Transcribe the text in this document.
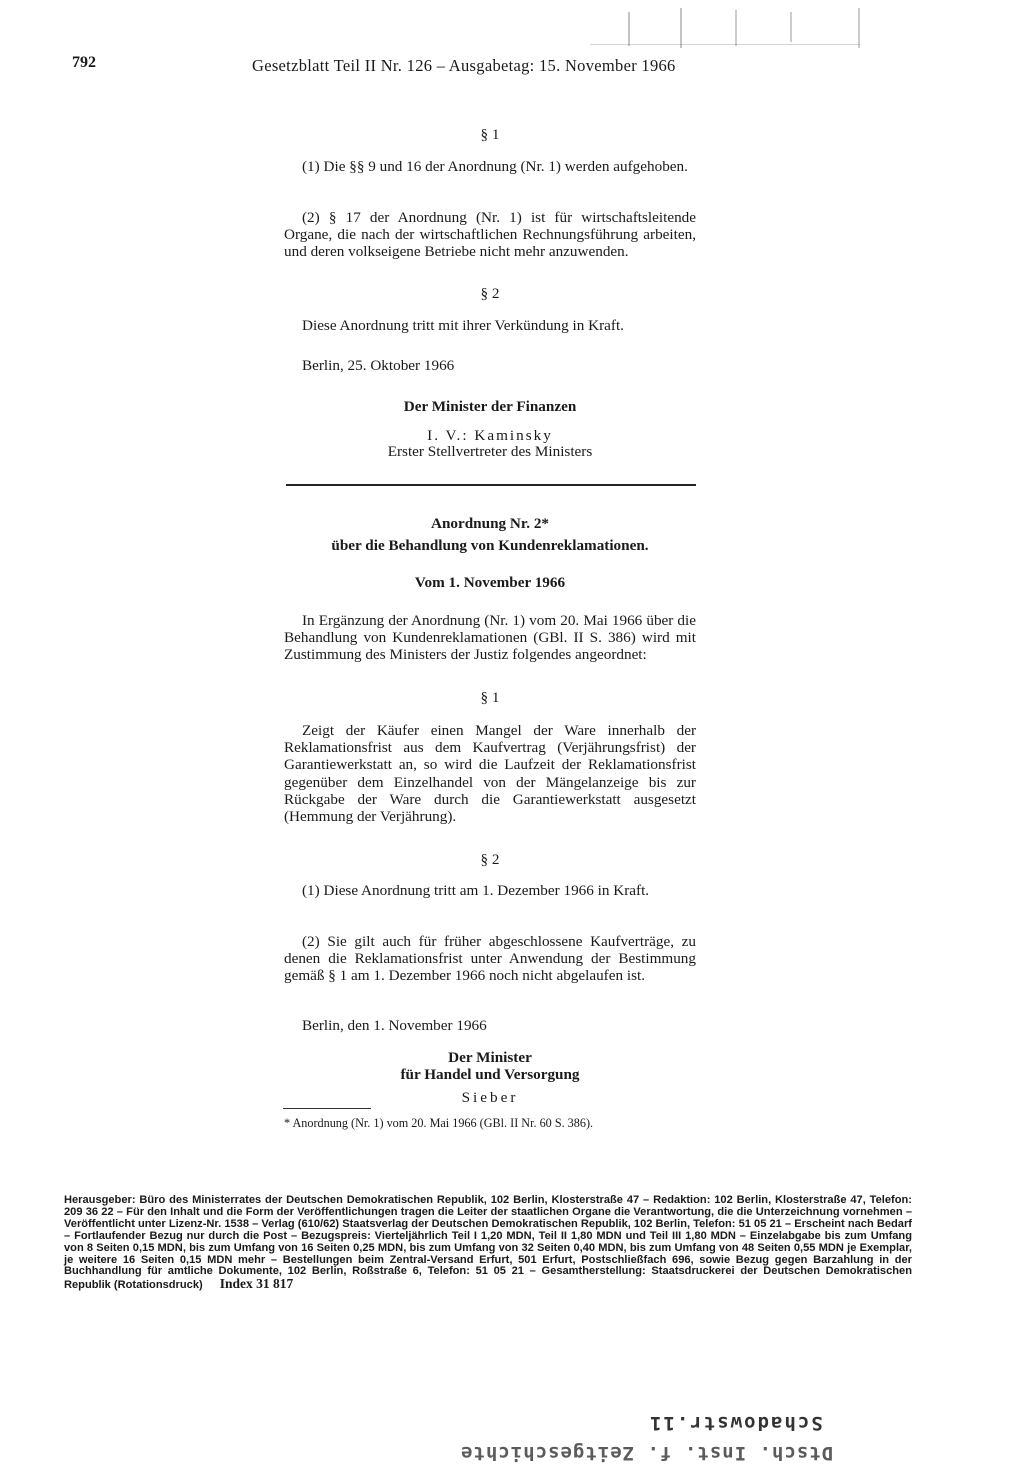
792	Gesetzblatt Teil II Nr. 126 – Ausgabetag: 15. November 1966
§ 1
(1) Die §§ 9 und 16 der Anordnung (Nr. 1) werden aufgehoben.
(2) § 17 der Anordnung (Nr. 1) ist für wirtschaftsleitende Organe, die nach der wirtschaftlichen Rechnungsführung arbeiten, und deren volkseigene Betriebe nicht mehr anzuwenden.
§ 2
Diese Anordnung tritt mit ihrer Verkündung in Kraft.
Berlin, 25. Oktober 1966
Der Minister der Finanzen
I. V.: Kaminsky
Erster Stellvertreter des Ministers
Anordnung Nr. 2*
über die Behandlung von Kundenreklamationen.
Vom 1. November 1966
In Ergänzung der Anordnung (Nr. 1) vom 20. Mai 1966 über die Behandlung von Kundenreklamationen (GBl. II S. 386) wird mit Zustimmung des Ministers der Justiz folgendes angeordnet:
§ 1
Zeigt der Käufer einen Mangel der Ware innerhalb der Reklamationsfrist aus dem Kaufvertrag (Verjährungsfrist) der Garantiewerkstatt an, so wird die Laufzeit der Reklamationsfrist gegenüber dem Einzelhandel von der Mängelanzeige bis zur Rückgabe der Ware durch die Garantiewerkstatt ausgesetzt (Hemmung der Verjährung).
§ 2
(1) Diese Anordnung tritt am 1. Dezember 1966 in Kraft.
(2) Sie gilt auch für früher abgeschlossene Kaufverträge, zu denen die Reklamationsfrist unter Anwendung der Bestimmung gemäß § 1 am 1. Dezember 1966 noch nicht abgelaufen ist.
Berlin, den 1. November 1966
Der Minister
für Handel und Versorgung
Sieber
* Anordnung (Nr. 1) vom 20. Mai 1966 (GBl. II Nr. 60 S. 386).
Herausgeber: Büro des Ministerrates der Deutschen Demokratischen Republik, 102 Berlin, Klosterstraße 47 – Redaktion: 102 Berlin, Klosterstraße 47, Telefon: 209 36 22 – Für den Inhalt und die Form der Veröffentlichungen tragen die Leiter der staatlichen Organe die Verantwortung, die die Unterzeichnung vornehmen – Veröffentlicht unter Lizenz-Nr. 1538 – Verlag (610/62) Staatsverlag der Deutschen Demokratischen Republik, 102 Berlin, Telefon: 51 05 21 – Erscheint nach Bedarf – Fortlaufender Bezug nur durch die Post – Bezugspreis: Vierteljährlich Teil I 1,20 MDN, Teil II 1,80 MDN und Teil III 1,80 MDN – Einzelabgabe bis zum Umfang von 8 Seiten 0,15 MDN, bis zum Umfang von 16 Seiten 0,25 MDN, bis zum Umfang von 32 Seiten 0,40 MDN, bis zum Umfang von 48 Seiten 0,55 MDN je Exemplar, je weitere 16 Seiten 0,15 MDN mehr – Bestellungen beim Zentral-Versand Erfurt, 501 Erfurt, Postschließfach 696, sowie Bezug gegen Barzahlung in der Buchhandlung für amtliche Dokumente, 102 Berlin, Roßstraße 6, Telefon: 51 05 21 – Gesamtherstellung: Staatsdruckerei der Deutschen Demokratischen Republik (Rotationsdruck) Index 31 817
Schadowstr.11
Dtsch. Inst. f. Zeitgeschichte
